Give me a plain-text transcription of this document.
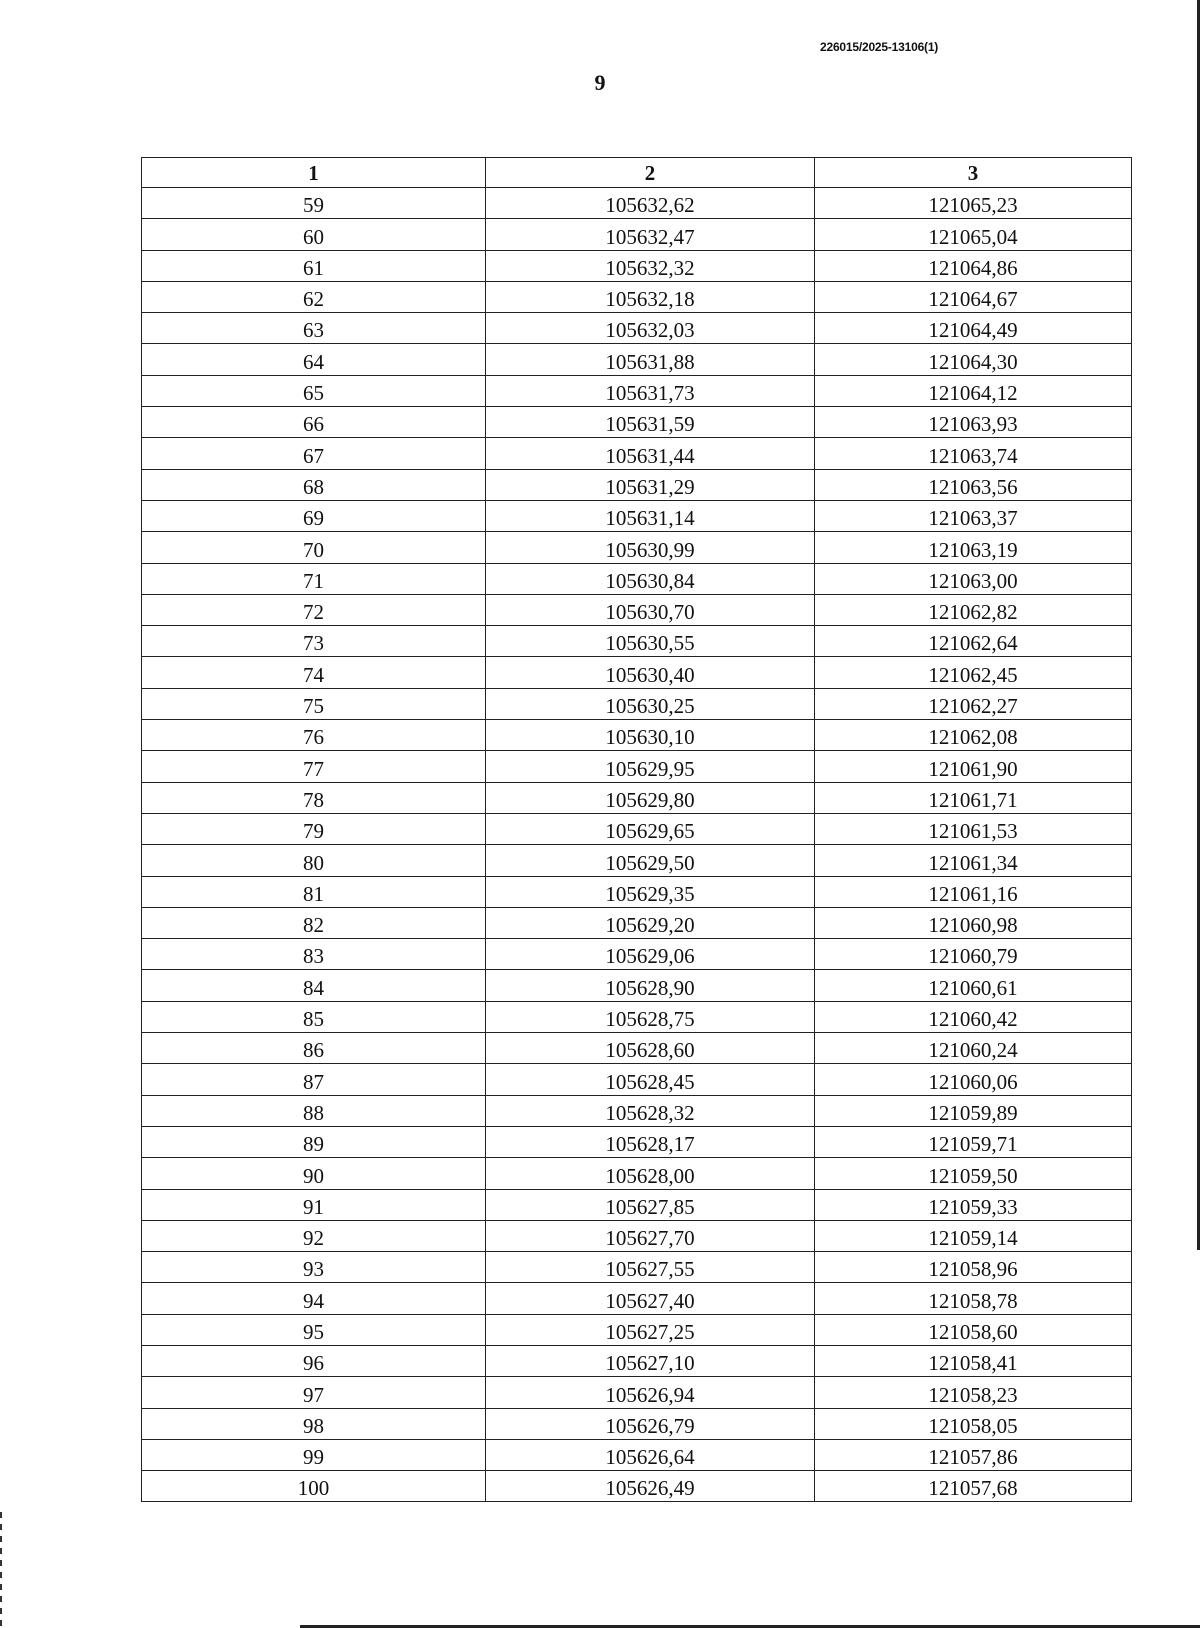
226015/2025-13106(1)
9
1	2	3
59	105632,62	121065,23
60	105632,47	121065,04
61	105632,32	121064,86
62	105632,18	121064,67
63	105632,03	121064,49
64	105631,88	121064,30
65	105631,73	121064,12
66	105631,59	121063,93
67	105631,44	121063,74
68	105631,29	121063,56
69	105631,14	121063,37
70	105630,99	121063,19
71	105630,84	121063,00
72	105630,70	121062,82
73	105630,55	121062,64
74	105630,40	121062,45
75	105630,25	121062,27
76	105630,10	121062,08
77	105629,95	121061,90
78	105629,80	121061,71
79	105629,65	121061,53
80	105629,50	121061,34
81	105629,35	121061,16
82	105629,20	121060,98
83	105629,06	121060,79
84	105628,90	121060,61
85	105628,75	121060,42
86	105628,60	121060,24
87	105628,45	121060,06
88	105628,32	121059,89
89	105628,17	121059,71
90	105628,00	121059,50
91	105627,85	121059,33
92	105627,70	121059,14
93	105627,55	121058,96
94	105627,40	121058,78
95	105627,25	121058,60
96	105627,10	121058,41
97	105626,94	121058,23
98	105626,79	121058,05
99	105626,64	121057,86
100	105626,49	121057,68
